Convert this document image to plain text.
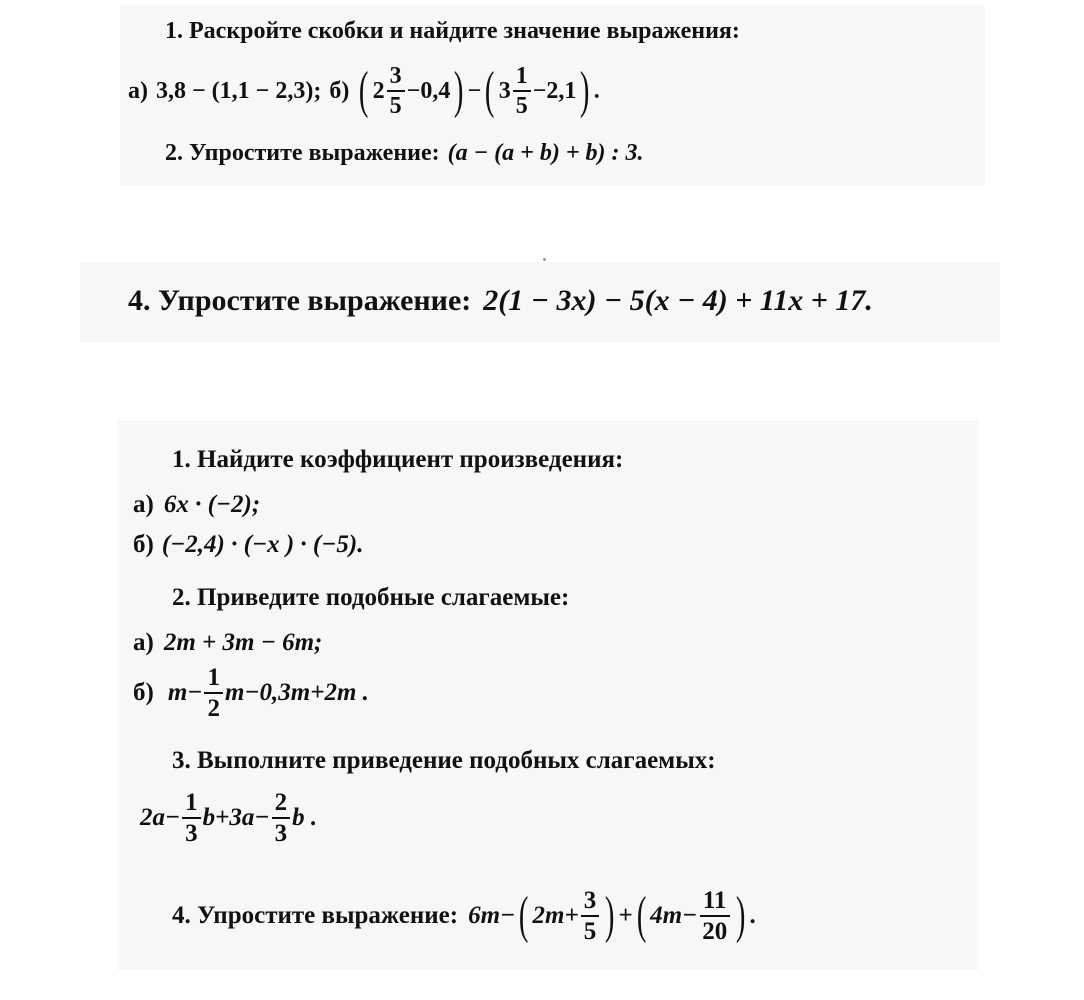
1. Раскройте скобки и найдите значение выражения:
а) 3,8 − (1,1 − 2,3); б) ( $2 \frac{3}{5} -0,4$ ) − ( $3 \frac{1}{5} -2,1$ ) .
2. Упростите выражение: (a − (a + b) + b) : 3.
4. Упростите выражение: 2(1 − 3x) − 5(x − 4) + 11x + 17.
1. Найдите коэффициент произведения:
а) 6x · (−2);
б) (−2,4) · (−x ) · (−5).
2. Приведите подобные слагаемые:
а) 2m + 3m − 6m;
б) $m- \frac{1}{2} m-0,3m+2m$ .
3. Выполните приведение подобных слагаемых:
$2a- \frac{1}{3} b+3a- \frac{2}{3}$ b .
4. Упростите выражение: 6m− ( $2m+ \frac{3}{5}$ ) + ( $4m- \frac{11}{20}$ ) .
